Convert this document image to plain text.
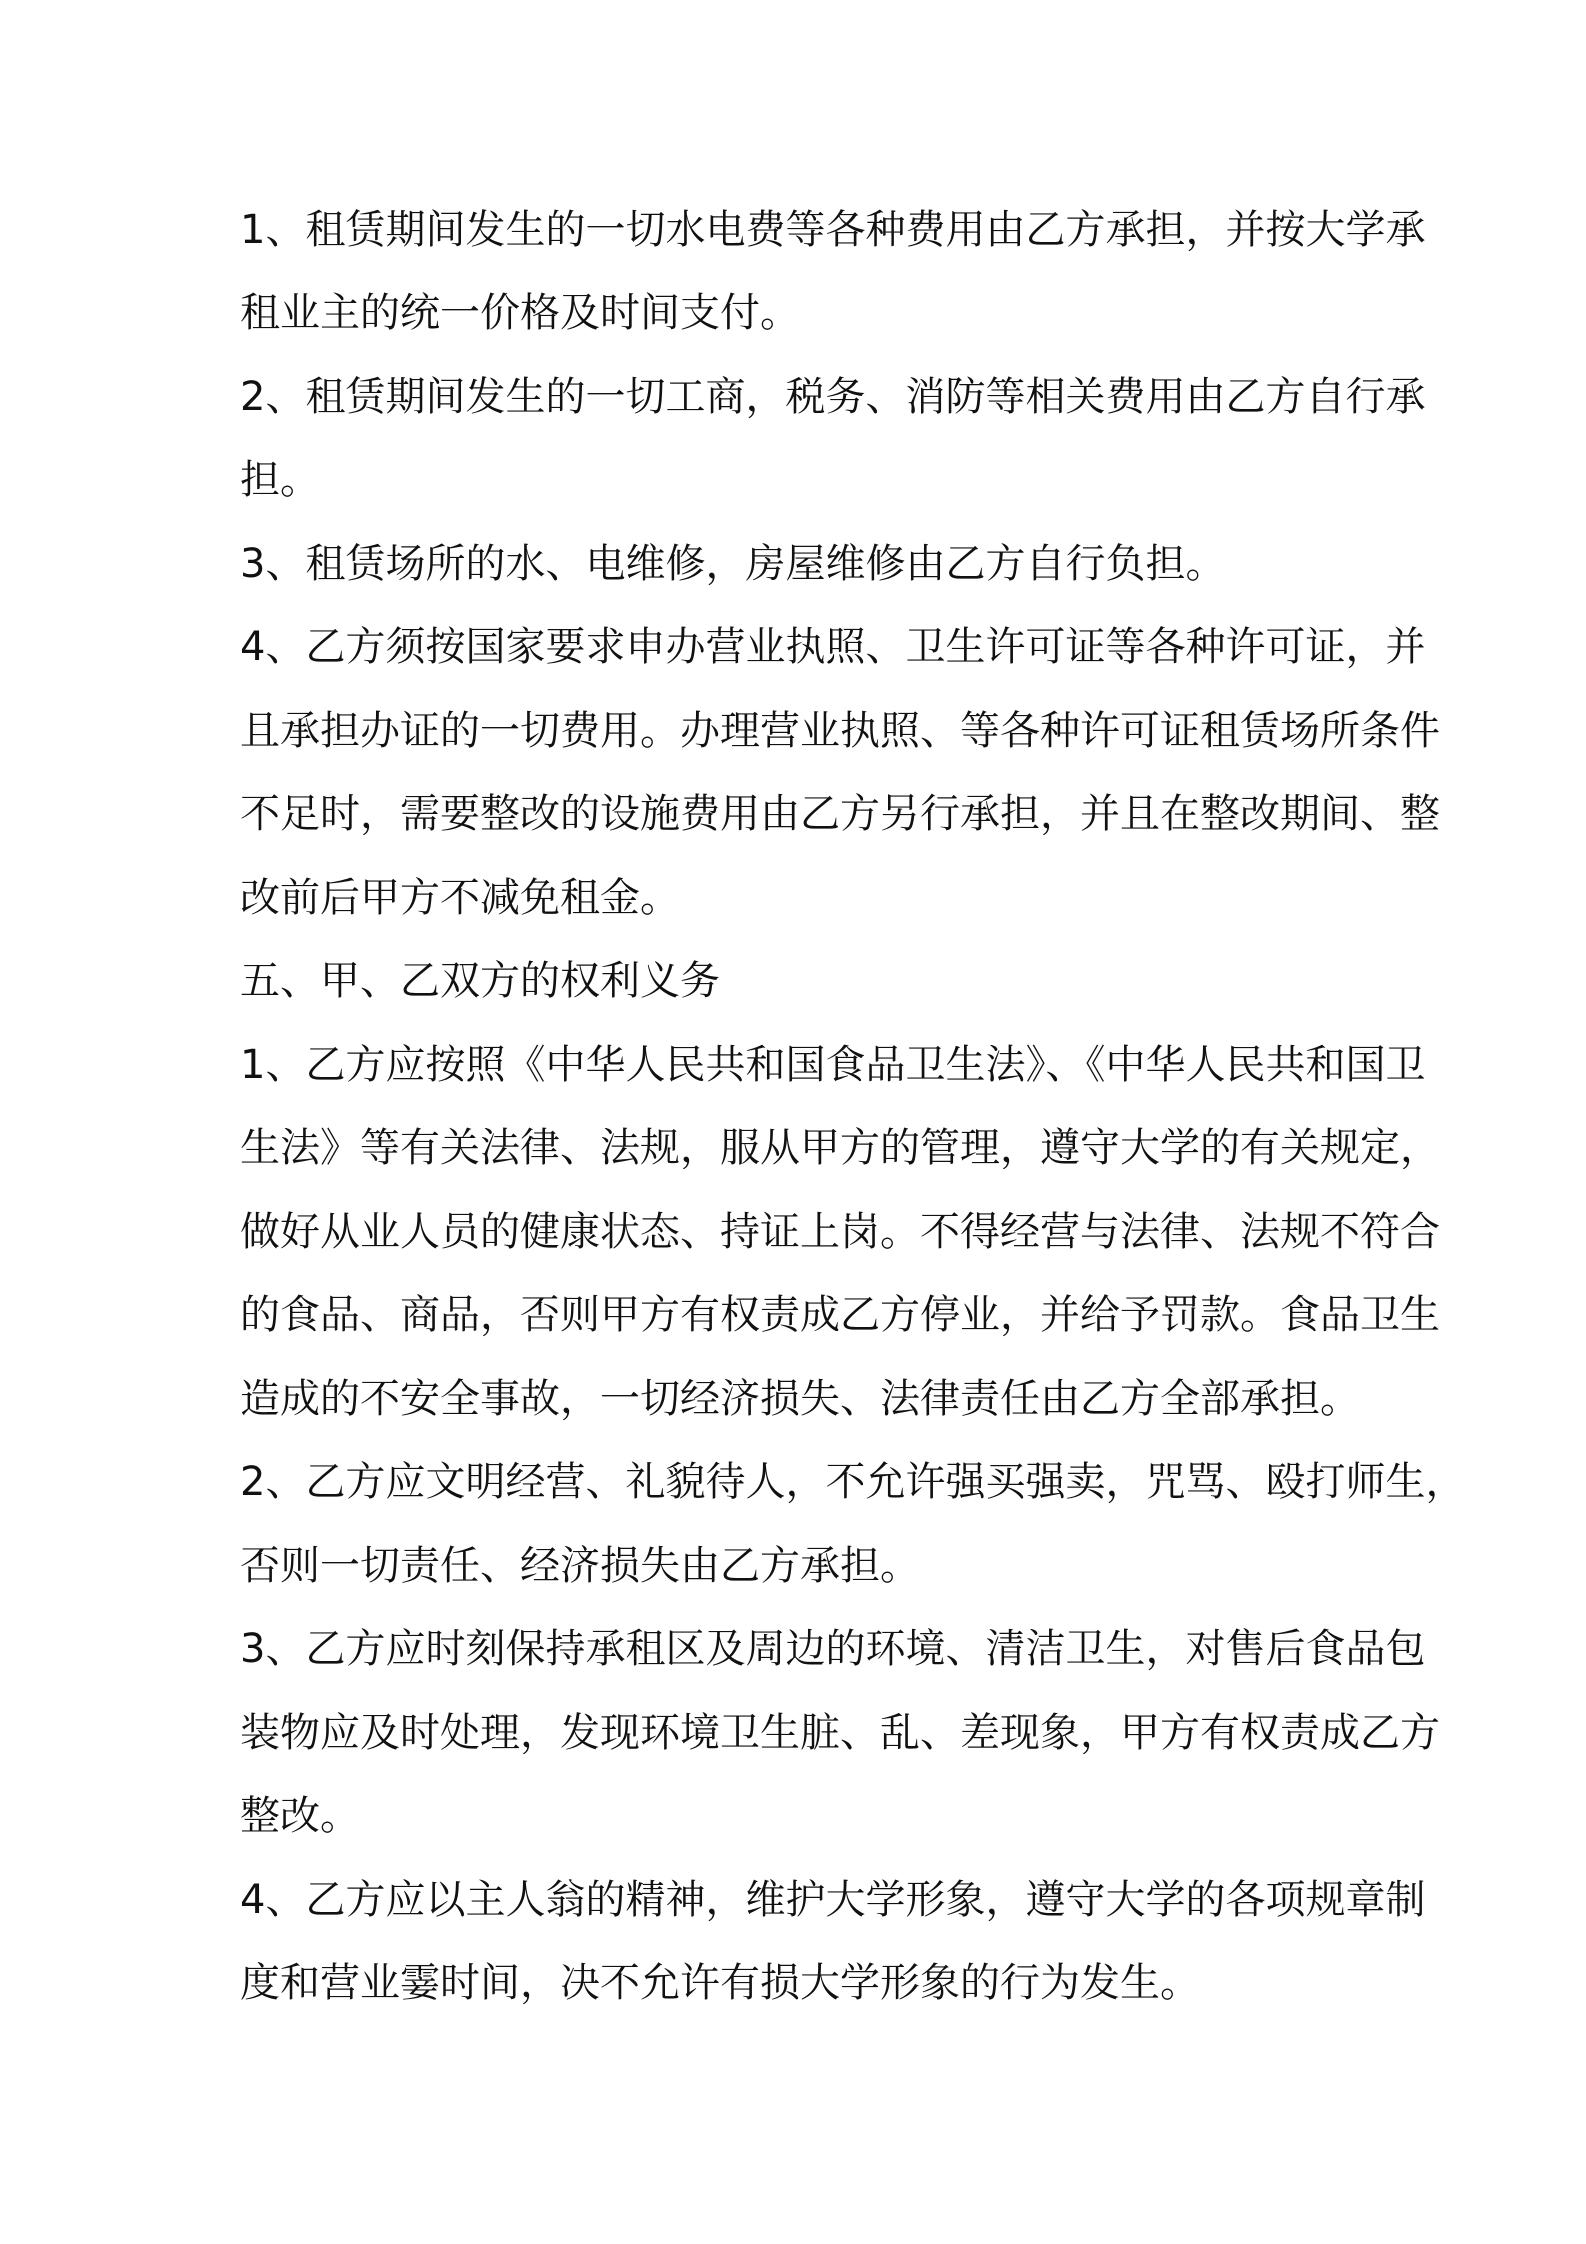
1、租赁期间发生的一切水电费等各种费用由乙方承担，并按大学承

租业主的统一价格及时间支付。

2、租赁期间发生的一切工商，税务、消防等相关费用由乙方自行承

担。

3、租赁场所的水、电维修，房屋维修由乙方自行负担。

4、乙方须按国家要求申办营业执照、卫生许可证等各种许可证，并

且承担办证的一切费用。办理营业执照、等各种许可证租赁场所条件

不足时，需要整改的设施费用由乙方另行承担，并且在整改期间、整

改前后甲方不减免租金。

五、甲、乙双方的权利义务

1、乙方应按照《中华人民共和国食品卫生法》、《中华人民共和国卫

生法》等有关法律、法规，服从甲方的管理，遵守大学的有关规定，

做好从业人员的健康状态、持证上岗。不得经营与法律、法规不符合

的食品、商品，否则甲方有权责成乙方停业，并给予罚款。食品卫生

造成的不安全事故，一切经济损失、法律责任由乙方全部承担。

2、乙方应文明经营、礼貌待人，不允许强买强卖，咒骂、殴打师生，

否则一切责任、经济损失由乙方承担。

3、乙方应时刻保持承租区及周边的环境、清洁卫生，对售后食品包

装物应及时处理，发现环境卫生脏、乱、差现象，甲方有权责成乙方

整改。

4、乙方应以主人翁的精神，维护大学形象，遵守大学的各项规章制

度和营业霎时间，决不允许有损大学形象的行为发生。
